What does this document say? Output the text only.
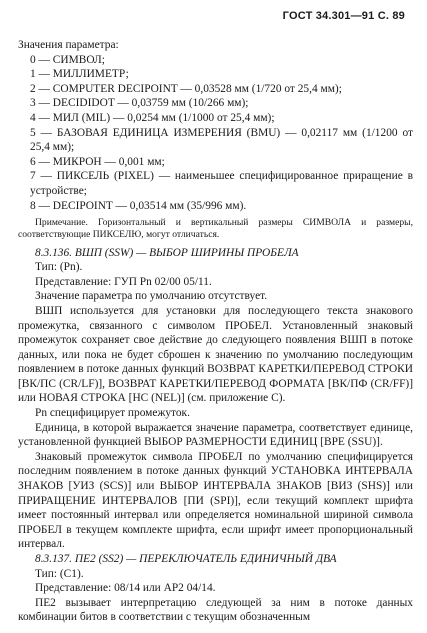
ГОСТ 34.301—91 С. 89

Значения параметра:

0 — СИМВОЛ;

1 — МИЛЛИМЕТР;

2 — COMPUTER DECIPOINT — 0,03528 мм (1/720 от 25,4 мм);

3 — DECIDIDOT — 0,03759 мм (10/266 мм);

4 — МИЛ (MIL) — 0,0254 мм (1/1000 от 25,4 мм);

5 — БАЗОВАЯ ЕДИНИЦА ИЗМЕРЕНИЯ (BMU) — 0,02117 мм (1/1200 от 25,4 мм);

6 — МИКРОН — 0,001 мм;

7 — ПИКСЕЛЬ (PIXEL) — наименьшее специфицированное приращение в устройстве;

8 — DECIPOINT — 0,03514 мм (35/996 мм).

Примечание. Горизонтальный и вертикальный размеры СИМВОЛА и размеры, соответствующие ПИКСЕЛЮ, могут отличаться.

8.3.136. ВШП (SSW) — ВЫБОР ШИРИНЫ ПРОБЕЛА

Тип: (Pn).

Представление: ГУП Pn 02/00 05/11.

Значение параметра по умолчанию отсутствует.

ВШП используется для установки для последующего текста знакового промежутка, связанного с символом ПРОБЕЛ. Установленный знаковый промежуток сохраняет свое действие до следующего появления ВШП в потоке данных, или пока не будет сброшен к значению по умолчанию последующим появлением в потоке данных функций ВОЗВРАТ КАРЕТКИ/ПЕРЕВОД СТРОКИ [ВК/ПС (CR/LF)], ВОЗВРАТ КАРЕТКИ/ПЕРЕВОД ФОРМАТА [ВК/ПФ (CR/FF)] или НОВАЯ СТРОКА [НС (NEL)] (см. приложение С).

Pn специфицирует промежуток.

Единица, в которой выражается значение параметра, соответствует единице, установленной функцией ВЫБОР РАЗМЕРНОСТИ ЕДИНИЦ [ВРЕ (SSU)].

Знаковый промежуток символа ПРОБЕЛ по умолчанию специфицируется последним появлением в потоке данных функций УСТАНОВКА ИНТЕРВАЛА ЗНАКОВ [УИЗ (SCS)] или ВЫБОР ИНТЕРВАЛА ЗНАКОВ [ВИЗ (SHS)] или ПРИРАЩЕНИЕ ИНТЕРВАЛОВ [ПИ (SPI)], если текущий комплект шрифта имеет постоянный интервал или определяется номинальной шириной символа ПРОБЕЛ в текущем комплекте шрифта, если шрифт имеет пропорциональный интервал.

8.3.137. ПЕ2 (SS2) — ПЕРЕКЛЮЧАТЕЛЬ ЕДИНИЧНЫЙ ДВА

Тип: (C1).

Представление: 08/14 или АР2 04/14.

ПЕ2 вызывает интерпретацию следующей за ним в потоке данных комбинации битов в соответствии с текущим обозначенным
